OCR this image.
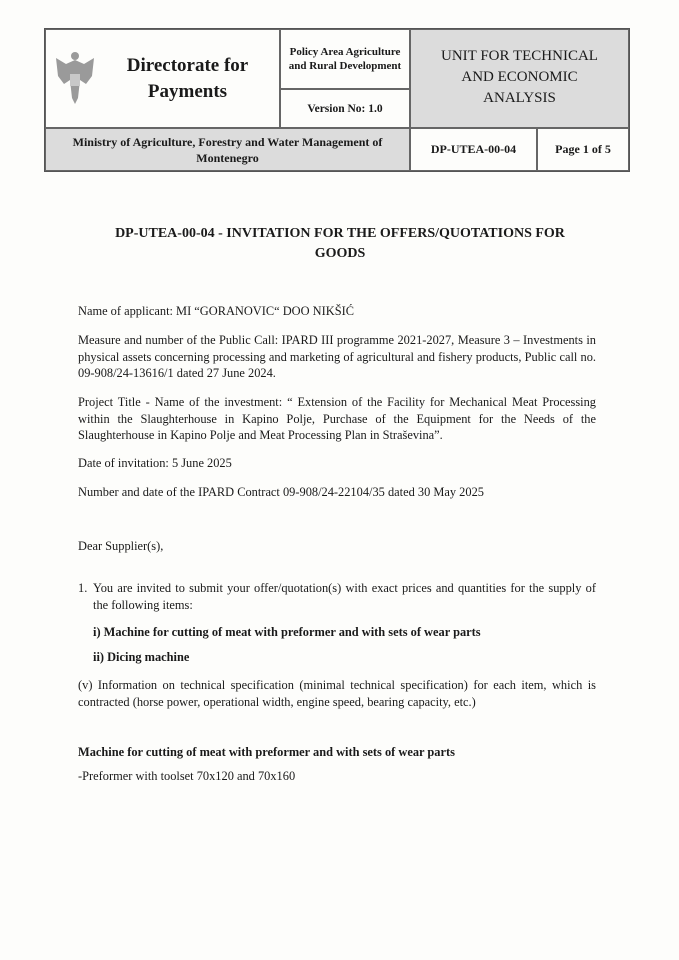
Directorate for Payments
Policy Area Agriculture and Rural Development
Version No: 1.0
UNIT FOR TECHNICAL AND ECONOMIC ANALYSIS
Ministry of Agriculture, Forestry and Water Management of Montenegro
DP-UTEA-00-04	Page 1 of 5
DP-UTEA-00-04 - INVITATION FOR THE OFFERS/QUOTATIONS FOR GOODS
Name of applicant: MI “GORANOVIC“ DOO NIKŠIĆ
Measure and number of the Public Call: IPARD III programme 2021-2027, Measure 3 – Investments in physical assets concerning processing and marketing of agricultural and fishery products, Public call no. 09-908/24-13616/1 dated 27 June 2024.
Project Title - Name of the investment: “ Extension of the Facility for Mechanical Meat Processing within the Slaughterhouse in Kapino Polje, Purchase of the Equipment for the Needs of the Slaughterhouse in Kapino Polje and Meat Processing Plan in Straševina”.
Date of invitation: 5 June 2025
Number and date of the IPARD Contract 09-908/24-22104/35 dated 30 May 2025
Dear Supplier(s),
1. You are invited to submit your offer/quotation(s) with exact prices and quantities for the supply of the following items:
i) Machine for cutting of meat with preformer and with sets of wear parts
ii) Dicing machine
(v) Information on technical specification (minimal technical specification) for each item, which is contracted (horse power, operational width, engine speed, bearing capacity, etc.)
Machine for cutting of meat with preformer and with sets of wear parts
-Preformer with toolset 70x120 and 70x160
